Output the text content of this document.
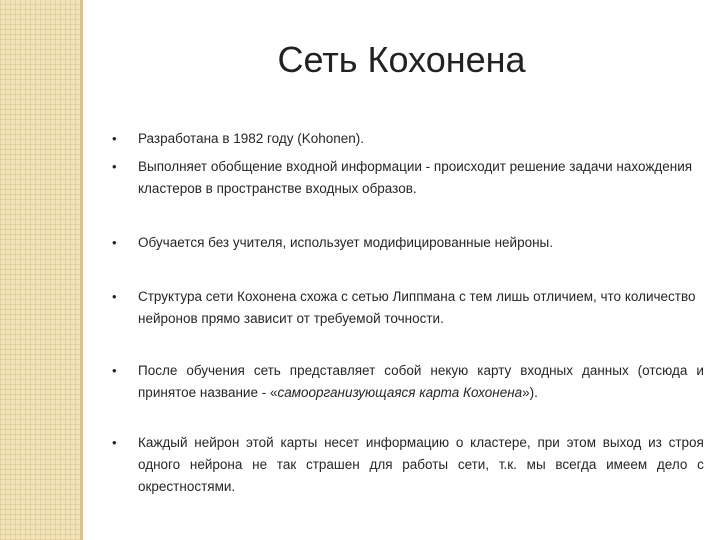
Сеть Кохонена
•	Разработана в 1982 году (Kohonen).
•	Выполняет обобщение входной информации - происходит решение задачи нахождения
кластеров в пространстве входных образов.
•	Обучается без учителя, использует модифицированные нейроны.
•	Структура сети Кохонена схожа с сетью Липпмана с тем лишь отличием, что количество
нейронов прямо зависит от требуемой точности.
•	После обучения сеть представляет собой некую карту входных данных (отсюда и
принятое название - «самоорганизующаяся карта Кохонена»).
•	Каждый нейрон этой карты несет информацию о кластере, при этом выход из строя
одного нейрона не так страшен для работы сети, т.к. мы всегда имеем дело с
окрестностями.
